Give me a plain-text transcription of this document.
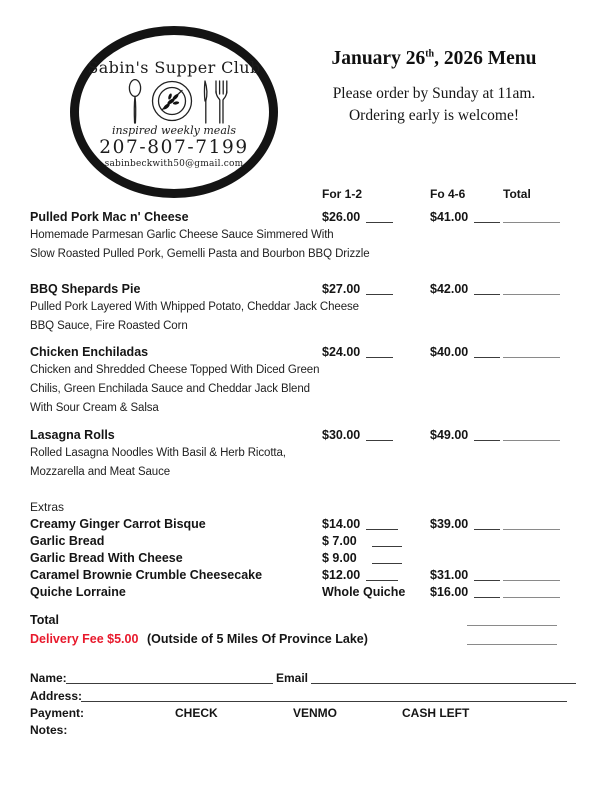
Sabin's Supper Club
inspired weekly meals
207-807-7199
sabinbeckwith50@gmail.com
January 26th, 2026 Menu
Please order by Sunday at 11am.
Ordering early is welcome!
For 1-2	Fo 4-6	Total
Pulled Pork Mac n' Cheese	$26.00	$41.00
Homemade Parmesan Garlic Cheese Sauce Simmered With
Slow Roasted Pulled Pork, Gemelli Pasta and Bourbon BBQ Drizzle
BBQ Shepards Pie	$27.00	$42.00
Pulled Pork Layered With Whipped Potato, Cheddar Jack Cheese
BBQ Sauce, Fire Roasted Corn
Chicken Enchiladas	$24.00	$40.00
Chicken and Shredded Cheese Topped With Diced Green
Chilis, Green Enchilada Sauce and Cheddar Jack Blend
With Sour Cream & Salsa
Lasagna Rolls	$30.00	$49.00
Rolled Lasagna Noodles With Basil & Herb Ricotta,
Mozzarella and Meat Sauce
Extras
Creamy Ginger Carrot Bisque	$14.00	$39.00
Garlic Bread	$ 7.00
Garlic Bread With Cheese	$ 9.00
Caramel Brownie Crumble Cheesecake	$12.00	$31.00
Quiche Lorraine	Whole Quiche $16.00
Total
Delivery Fee $5.00 (Outside of 5 Miles Of Province Lake)
Name:	Email
Address:
Payment:	CHECK	VENMO	CASH LEFT
Notes:
